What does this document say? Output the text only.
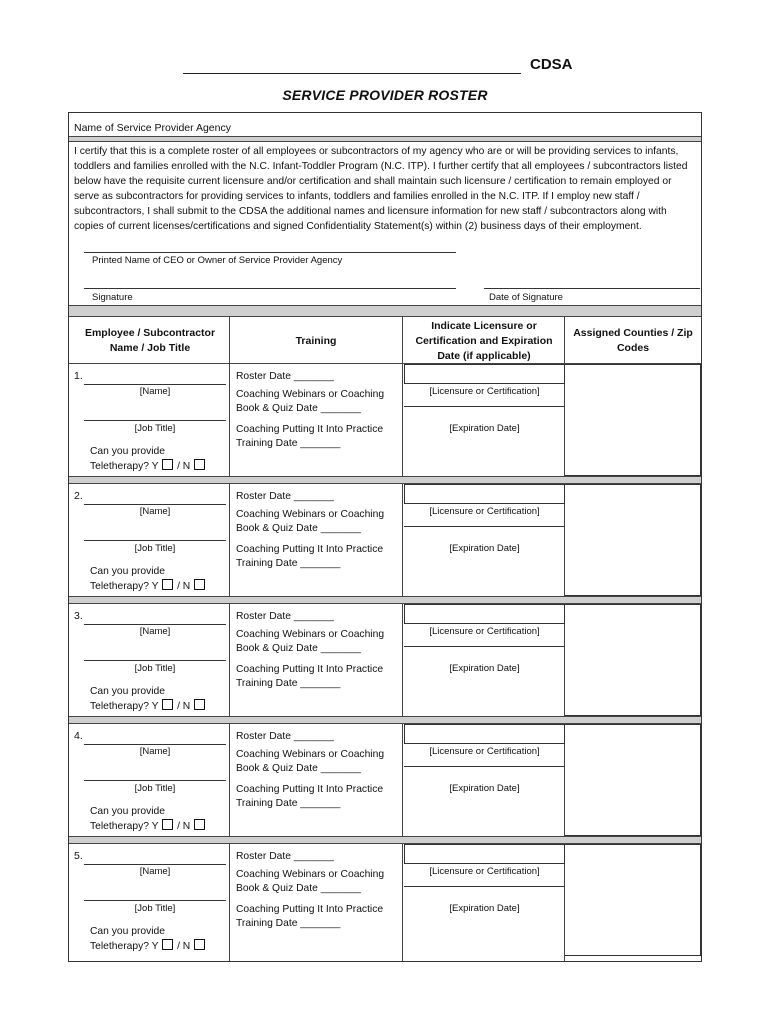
CDSA
SERVICE PROVIDER ROSTER
Name of Service Provider Agency
I certify that this is a complete roster of all employees or subcontractors of my agency who are or will be providing services to infants, toddlers and families enrolled with the N.C. Infant-Toddler Program (N.C. ITP). I further certify that all employees / subcontractors listed below have the requisite current licensure and/or certification and shall maintain such licensure / certification to remain employed or serve as subcontractors for providing services to infants, toddlers and families enrolled in the N.C. ITP. If I employ new staff / subcontractors, I shall submit to the CDSA the additional names and licensure information for new staff / subcontractors along with copies of current licenses/certifications and signed Confidentiality Statement(s) within (2) business days of their employment.
Printed Name of CEO or Owner of Service Provider Agency
Signature	Date of Signature
Employee / Subcontractor Name / Job Title
Training
Indicate Licensure or Certification and Expiration Date (if applicable)
Assigned Counties / Zip Codes
1.
[Name]
[Job Title]
Can you provide
Teletherapy? Y / N
Roster Date _______
Coaching Webinars or Coaching
Book & Quiz Date _______
Coaching Putting It Into Practice
Training Date _______
[Licensure or Certification]
[Expiration Date]
2.
[Name]
[Job Title]
Can you provide
Teletherapy? Y / N
Roster Date _______
Coaching Webinars or Coaching
Book & Quiz Date _______
Coaching Putting It Into Practice
Training Date _______
[Licensure or Certification]
[Expiration Date]
3.
[Name]
[Job Title]
Can you provide
Teletherapy? Y / N
Roster Date _______
Coaching Webinars or Coaching
Book & Quiz Date _______
Coaching Putting It Into Practice
Training Date _______
[Licensure or Certification]
[Expiration Date]
4.
[Name]
[Job Title]
Can you provide
Teletherapy? Y / N
Roster Date _______
Coaching Webinars or Coaching
Book & Quiz Date _______
Coaching Putting It Into Practice
Training Date _______
[Licensure or Certification]
[Expiration Date]
5.
[Name]
[Job Title]
Can you provide
Teletherapy? Y / N
Roster Date _______
Coaching Webinars or Coaching
Book & Quiz Date _______
Coaching Putting It Into Practice
Training Date _______
[Licensure or Certification]
[Expiration Date]
